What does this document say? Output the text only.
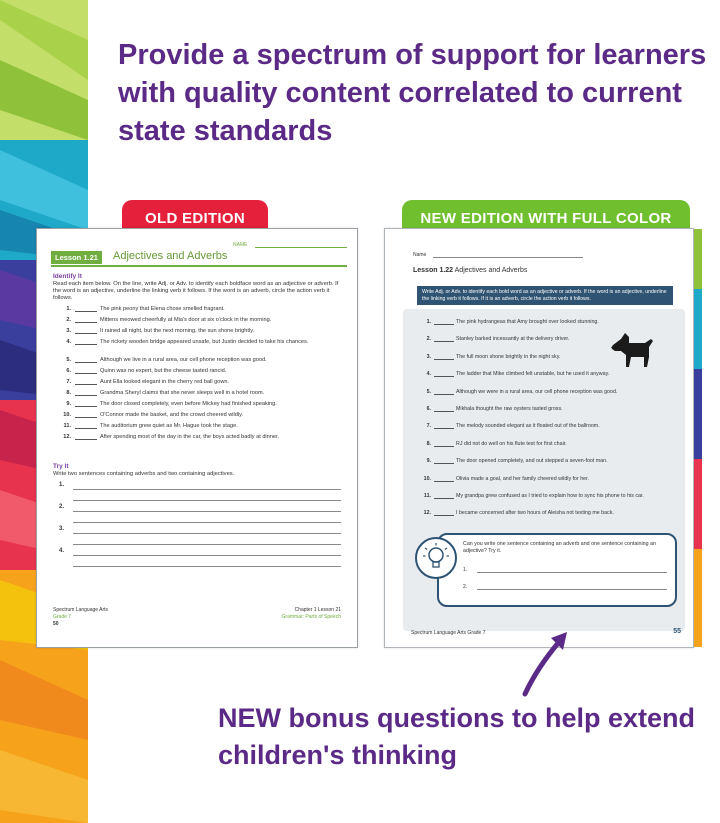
Provide a spectrum of support for learners with quality content correlated to current state standards
OLD EDITION	NEW EDITION WITH FULL COLOR
NAME
Lesson 1.21	Adjectives and Adverbs
Identify It
Read each item below. On the line, write Adj. or Adv. to identify each boldface word as an adjective or adverb. If the word is an adjective, underline the linking verb it follows. If the word is an adverb, circle the action verb it follows.
1.	The pink peony that Elena chose smelled fragrant.
2.	Mittens meowed cheerfully at Mia's door at six o'clock in the morning.
3.	It rained all night, but the next morning, the sun shone brightly.
4.	The rickety wooden bridge appeared unsafe, but Justin decided to take his chances.
5.	Although we live in a rural area, our cell phone reception was good.
6.	Quinn was no expert, but the cheese tasted rancid.
7.	Aunt Ella looked elegant in the cherry red ball gown.
8.	Grandma Sheryl claims that she never sleeps well in a hotel room.
9.	The door closed completely, even before Mickey had finished speaking.
10.	O'Connor made the basket, and the crowd cheered wildly.
11.	The auditorium grew quiet as Mr. Hague took the stage.
12.	After spending most of the day in the car, the boys acted badly at dinner.
Try It
Write two sentences containing adverbs and two containing adjectives.
1.
2.
3.
4.
Spectrum Language Arts
Grade 7
50
Chapter 1 Lesson 21
Grammar: Parts of Speech
Name
Lesson 1.22 Adjectives and Adverbs
Write Adj. or Adv. to identify each bold word as an adjective or adverb. If the word is an adjective, underline the linking verb it follows. If it is an adverb, circle the action verb it follows.
1.	The pink hydrangeas that Amy brought over looked stunning.
2.	Stanley barked incessantly at the delivery driver.
3.	The full moon shone brightly in the night sky.
4.	The ladder that Mike climbed felt unstable, but he used it anyway.
5.	Although we were in a rural area, our cell phone reception was good.
6.	Mikhala thought the raw oysters tasted gross.
7.	The melody sounded elegant as it floated out of the ballroom.
8.	RJ did not do well on his flute test for first chair.
9.	The door opened completely, and out stepped a seven-foot man.
10.	Olivia made a goal, and her family cheered wildly for her.
11.	My grandpa grew confused as I tried to explain how to sync his phone to his car.
12.	I became concerned after two hours of Aleisha not texting me back.
Can you write one sentence containing an adverb and one sentence containing an adjective? Try it.
1.
2.
Spectrum Language Arts Grade 7	55

NEW bonus questions to help extend children's thinking
